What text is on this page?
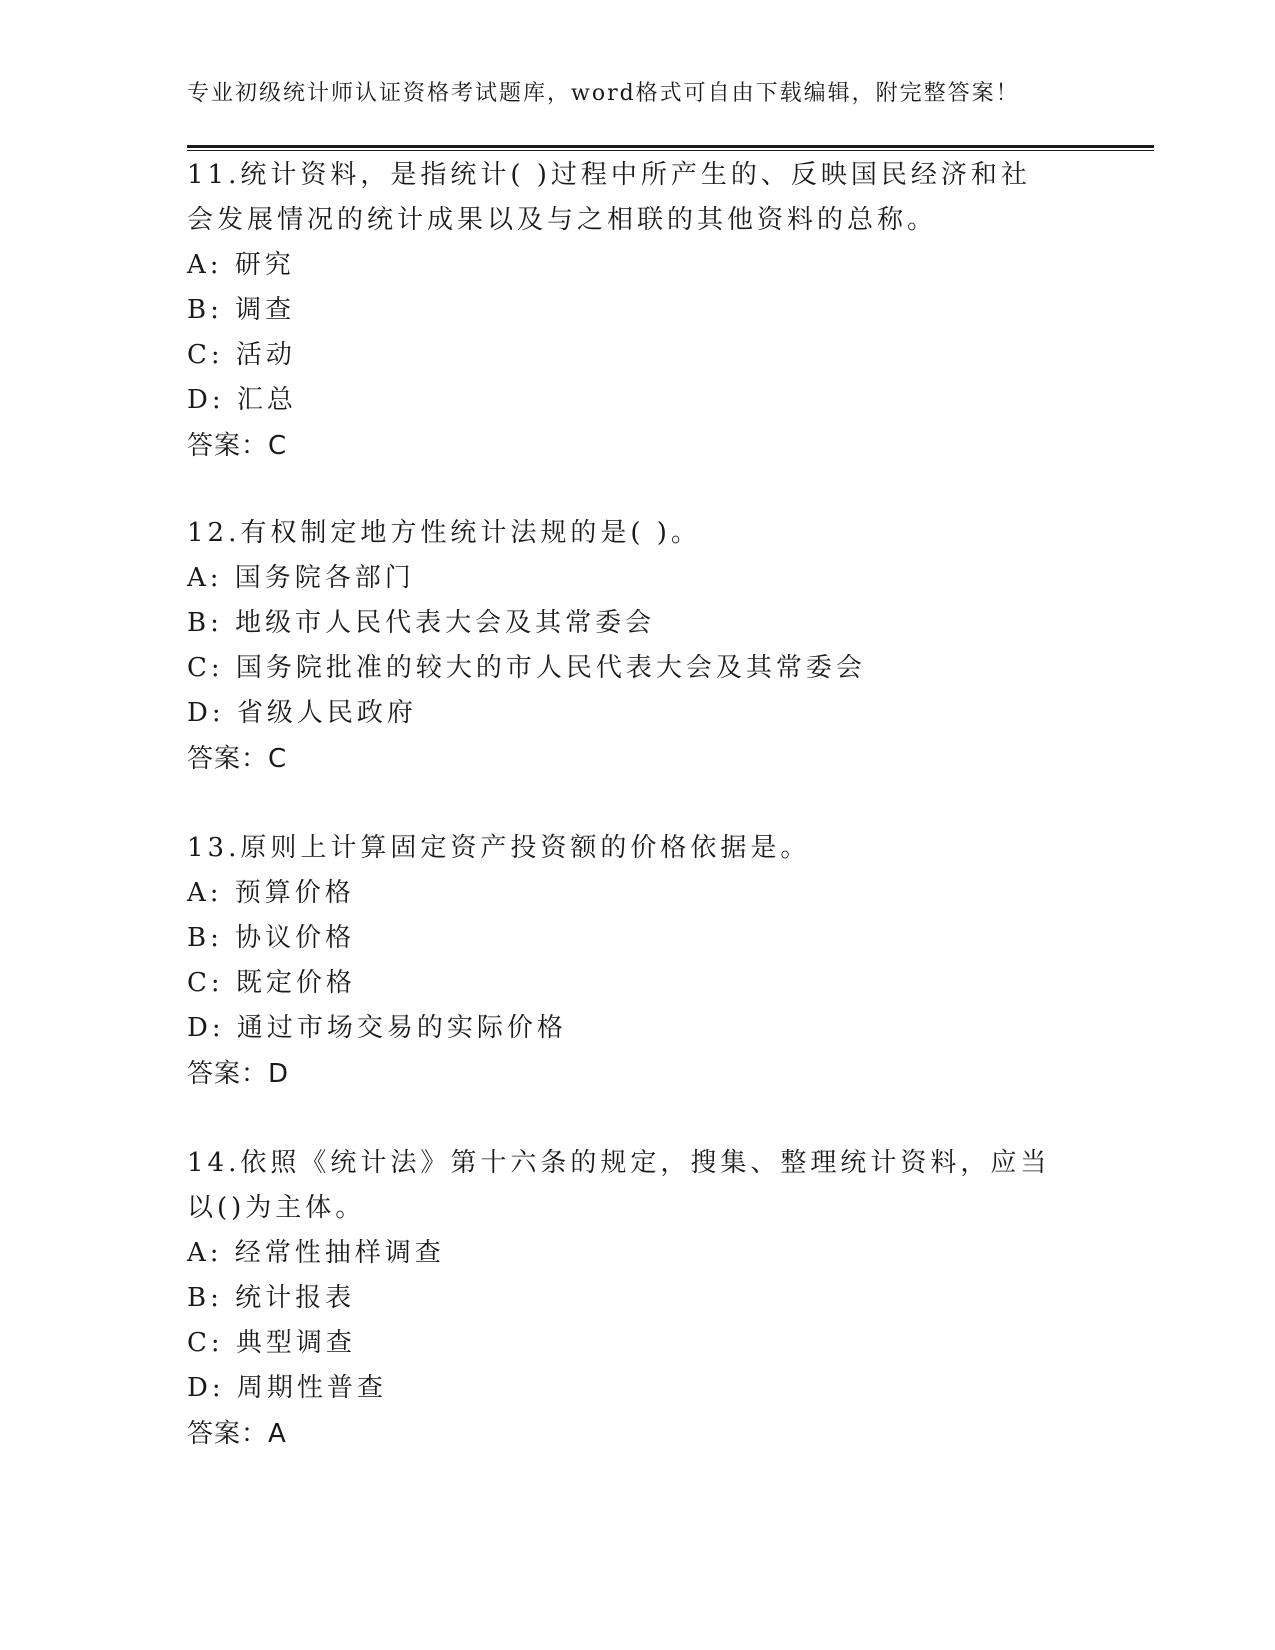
专业初级统计师认证资格考试题库，word格式可自由下载编辑，附完整答案！
11.统计资料，是指统计( )过程中所产生的、反映国民经济和社会发展情况的统计成果以及与之相联的其他资料的总称。
A: 研究
B: 调查
C: 活动
D: 汇总
答案：C
12.有权制定地方性统计法规的是( )。
A: 国务院各部门
B: 地级市人民代表大会及其常委会
C: 国务院批准的较大的市人民代表大会及其常委会
D: 省级人民政府
答案：C
13.原则上计算固定资产投资额的价格依据是。
A: 预算价格
B: 协议价格
C: 既定价格
D: 通过市场交易的实际价格
答案：D
14.依照《统计法》第十六条的规定，搜集、整理统计资料，应当以()为主体。
A: 经常性抽样调查
B: 统计报表
C: 典型调查
D: 周期性普查
答案：A
